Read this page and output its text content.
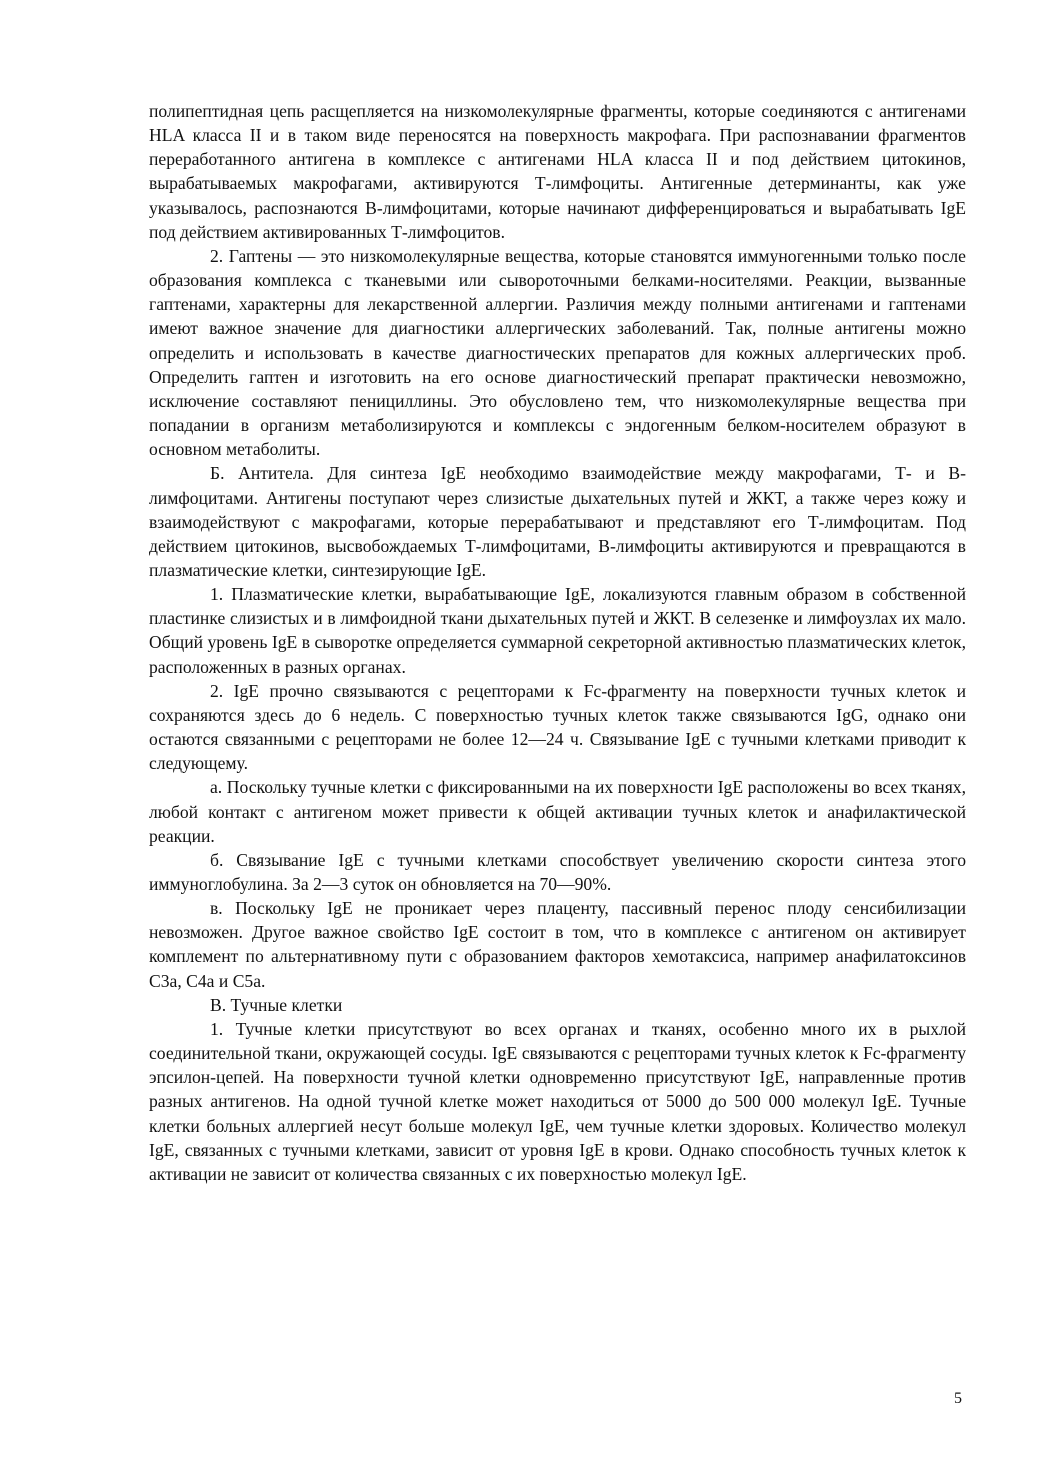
полипептидная цепь расщепляется на низкомолекулярные фрагменты, которые соединяются с антигенами HLA класса II и в таком виде переносятся на поверхность макрофага. При распознавании фрагментов переработанного антигена в комплексе с антигенами HLA класса II и под действием цитокинов, вырабатываемых макрофагами, активируются Т-лимфоциты. Антигенные детерминанты, как уже указывалось, распознаются В-лимфоцитами, которые начинают дифференцироваться и вырабатывать IgE под действием активированных Т-лимфоцитов.

2. Гаптены — это низкомолекулярные вещества, которые становятся иммуногенными только после образования комплекса с тканевыми или сывороточными белками-носителями. Реакции, вызванные гаптенами, характерны для лекарственной аллергии. Различия между полными антигенами и гаптенами имеют важное значение для диагностики аллергических заболеваний. Так, полные антигены можно определить и использовать в качестве диагностических препаратов для кожных аллергических проб. Определить гаптен и изготовить на его основе диагностический препарат практически невозможно, исключение составляют пенициллины. Это обусловлено тем, что низкомолекулярные вещества при попадании в организм метаболизируются и комплексы с эндогенным белком-носителем образуют в основном метаболиты.

Б. Антитела. Для синтеза IgE необходимо взаимодействие между макрофагами, Т- и В-лимфоцитами. Антигены поступают через слизистые дыхательных путей и ЖКТ, а также через кожу и взаимодействуют с макрофагами, которые перерабатывают и представляют его Т-лимфоцитам. Под действием цитокинов, высвобождаемых Т-лимфоцитами, В-лимфоциты активируются и превращаются в плазматические клетки, синтезирующие IgE.

1. Плазматические клетки, вырабатывающие IgE, локализуются главным образом в собственной пластинке слизистых и в лимфоидной ткани дыхательных путей и ЖКТ. В селезенке и лимфоузлах их мало. Общий уровень IgE в сыворотке определяется суммарной секреторной активностью плазматических клеток, расположенных в разных органах.

2. IgE прочно связываются с рецепторами к Fc-фрагменту на поверхности тучных клеток и сохраняются здесь до 6 недель. С поверхностью тучных клеток также связываются IgG, однако они остаются связанными с рецепторами не более 12—24 ч. Связывание IgE с тучными клетками приводит к следующему.

а. Поскольку тучные клетки с фиксированными на их поверхности IgE расположены во всех тканях, любой контакт с антигеном может привести к общей активации тучных клеток и анафилактической реакции.

б. Связывание IgE с тучными клетками способствует увеличению скорости синтеза этого иммуноглобулина. За 2—3 суток он обновляется на 70—90%.

в. Поскольку IgE не проникает через плаценту, пассивный перенос плоду сенсибилизации невозможен. Другое важное свойство IgE состоит в том, что в комплексе с антигеном он активирует комплемент по альтернативному пути с образованием факторов хемотаксиса, например анафилатоксинов С3а, С4а и С5а.

В. Тучные клетки

1. Тучные клетки присутствуют во всех органах и тканях, особенно много их в рыхлой соединительной ткани, окружающей сосуды. IgE связываются с рецепторами тучных клеток к Fc-фрагменту эпсилон-цепей. На поверхности тучной клетки одновременно присутствуют IgE, направленные против разных антигенов. На одной тучной клетке может находиться от 5000 до 500 000 молекул IgE. Тучные клетки больных аллергией несут больше молекул IgE, чем тучные клетки здоровых. Количество молекул IgE, связанных с тучными клетками, зависит от уровня IgE в крови. Однако способность тучных клеток к активации не зависит от количества связанных с их поверхностью молекул IgE.

5
